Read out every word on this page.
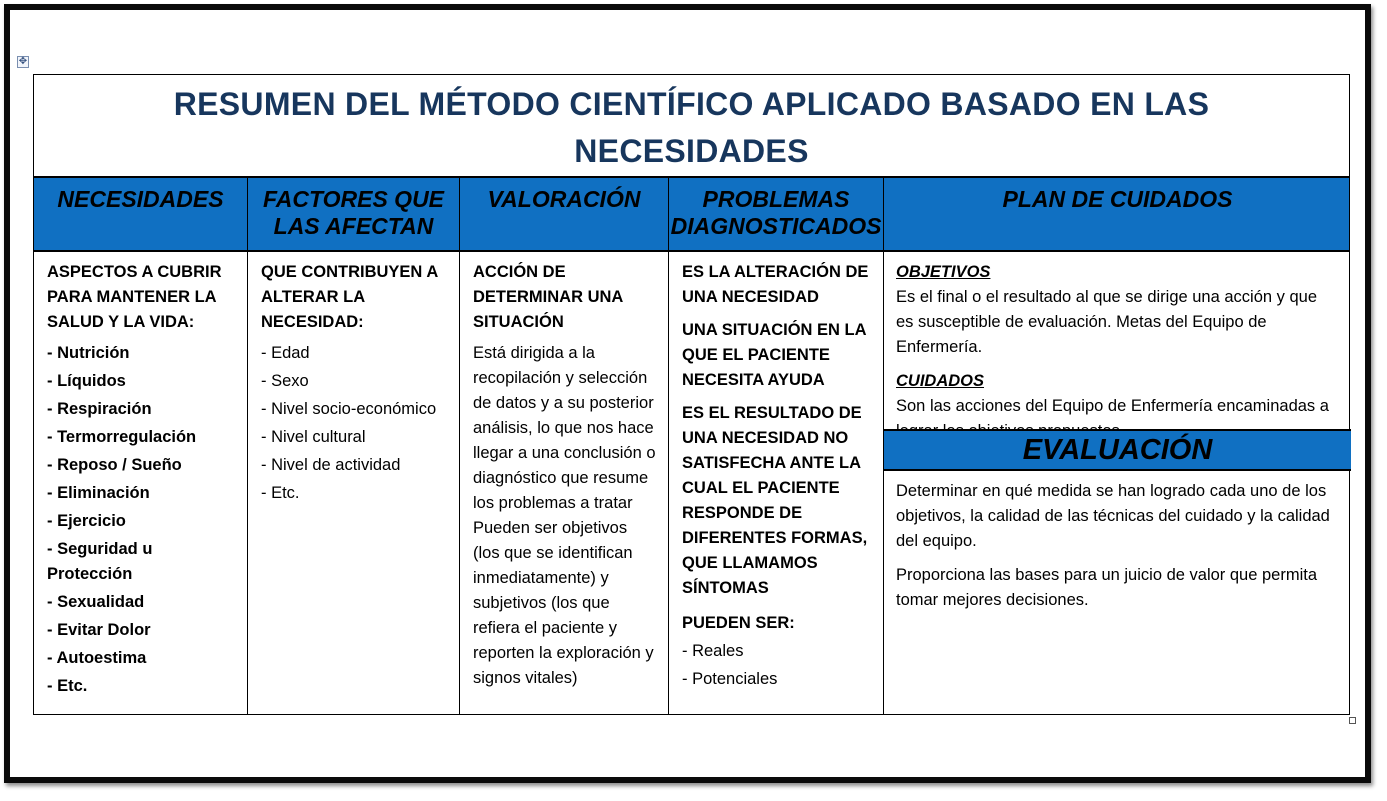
✥
RESUMEN DEL MÉTODO CIENTÍFICO APLICADO BASADO EN LAS
NECESIDADES
NECESIDADES	FACTORES QUE
LAS AFECTAN
VALORACIÓN	PROBLEMAS
DIAGNOSTICADOS
PLAN DE CUIDADOS
ASPECTOS A CUBRIR PARA MANTENER LA SALUD Y LA VIDA:
- Nutrición
- Líquidos
- Respiración
- Termorregulación
- Reposo / Sueño
- Eliminación
- Ejercicio
- Seguridad u Protección
- Sexualidad
- Evitar Dolor
- Autoestima
- Etc.
QUE CONTRIBUYEN A ALTERAR LA NECESIDAD:
- Edad
- Sexo
- Nivel socio-económico
- Nivel cultural
- Nivel de actividad
- Etc.
ACCIÓN DE DETERMINAR UNA SITUACIÓN
Está dirigida a la recopilación y selección de datos y a su posterior análisis, lo que nos hace llegar a una conclusión o diagnóstico que resume los problemas a tratar
Pueden ser objetivos (los que se identifican inmediatamente) y subjetivos (los que refiera el paciente y reporten la exploración y signos vitales)
ES LA ALTERACIÓN DE UNA NECESIDAD
UNA SITUACIÓN EN LA QUE EL PACIENTE NECESITA AYUDA
ES EL RESULTADO DE UNA NECESIDAD NO SATISFECHA ANTE LA CUAL EL PACIENTE RESPONDE DE DIFERENTES FORMAS, QUE LLAMAMOS SÍNTOMAS
PUEDEN SER:
- Reales
- Potenciales
OBJETIVOS
Es el final o el resultado al que se dirige una acción y que es susceptible de evaluación. Metas del Equipo de Enfermería.
CUIDADOS
Son las acciones del Equipo de Enfermería encaminadas a
EVALUACIÓN
Determinar en qué medida se han logrado cada uno de los objetivos, la calidad de las técnicas del cuidado y la calidad del equipo.
Proporciona las bases para un juicio de valor que permita tomar mejores decisiones.
